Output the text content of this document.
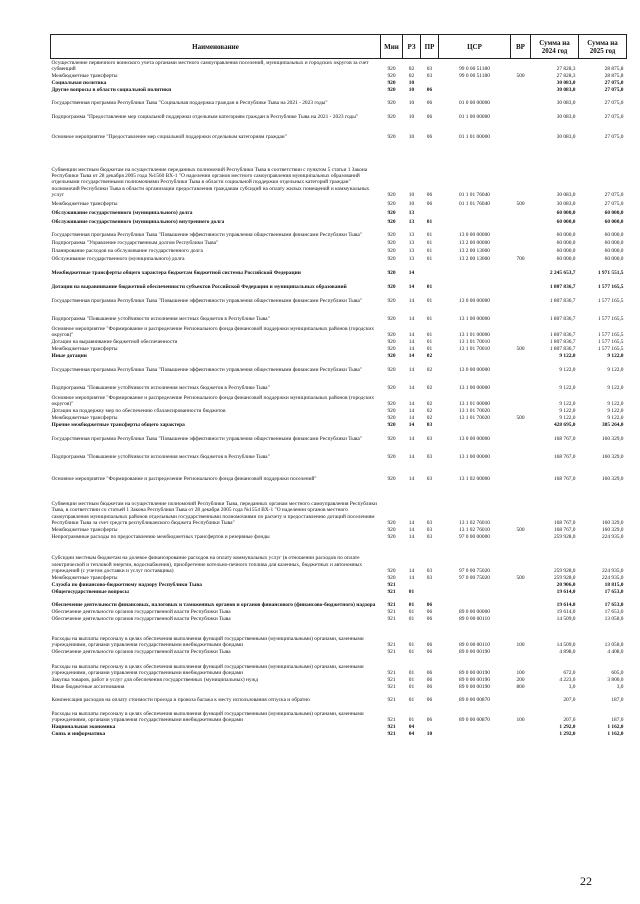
Наименование	Мин	РЗ	ПР	ЦСР	ВР	Сумма на 2024 год	Сумма на 2025 год
Осуществление первичного воинского учета органами местного самоуправления поселений, муниципальных и городских округов за счет субвенций	920	02	03	99 0 00 51180		27 828,3	28 875,8
Межбюджетные трансферты	920	02	03	99 0 00 51180	500	27 828,3	28 875,8
Социальная политика	920	10				30 083,0	27 075,0
Другие вопросы в области социальной политики	920	10	06			30 083,0	27 075,0
Государственная программа Республики Тыва "Социальная поддержка граждан в Республике Тыва на 2021 - 2023 годы"	920	10	06	01 0 00 00000		30 083,0	27 075,0
Подпрограмма "Предоставление мер социальной поддержки отдельным категориям граждан в Республике Тыва на 2021 - 2023 годы"	920	10	06	01 1 00 00000		30 083,0	27 075,0
Основное мероприятие "Предоставление мер социальной поддержки отдельным категориям граждан"	920	10	06	01 1 01 00000		30 083,0	27 075,0
Субвенции местным бюджетам на осуществление переданных полномочий Республики Тыва в соответствии с пунктом 5 статьи 1 Закона Республики Тыва от 28 декабря 2005 года №1560 ВХ-1 "О наделении органов местного самоуправления муниципальных образований отдельными государственными полномочиями Республики Тыва в области социальной поддержки отдельных категорий граждан" полномочий Республики Тыва в области организации предоставления гражданам субсидий на оплату жилых помещений и коммунальных услуг	920	10	06	01 1 01 76040		30 083,0	27 075,0
Межбюджетные трансферты	920	10	06	01 1 01 76040	500	30 083,0	27 075,0
Обслуживание государственного (муниципального) долга	920	13				60 000,0	60 000,0
Обслуживание государственного (муниципального) внутреннего долга	920	13	01			60 000,0	60 000,0
Государственная программа Республики Тыва "Повышение эффективности управления общественными финансами Республики Тыва"	920	13	01	13 0 00 00000		60 000,0	60 000,0
Подпрограмма "Управление государственным долгом Республики Тыва"	920	13	01	13 2 00 00000		60 000,0	60 000,0
Планирование расходов на обслуживание государственного долга	920	13	01	13 2 00 13000		60 000,0	60 000,0
Обслуживание государственного (муниципального) долга	920	13	01	13 2 00 13000	700	60 000,0	60 000,0
Межбюджетные трансферты общего характера бюджетам бюджетной системы Российской Федерации	920	14				2 245 653,7	1 971 551,5
Дотации на выравнивание бюджетной обеспеченности субъектов Российской Федерации и муниципальных образований	920	14	01			1 807 836,7	1 577 165,5
Государственная программа Республики Тыва "Повышение эффективности управления общественными финансами Республики Тыва"	920	14	01	13 0 00 00000		1 807 836,7	1 577 165,5
Подпрограмма "Повышение устойчивости исполнения местных бюджетов в Республике Тыва"	920	14	01	13 1 00 00000		1 807 836,7	1 577 165,5
Основное мероприятие "Формирование и распределение Регионального фонда финансовой поддержки муниципальных районов (городских округов)"	920	14	01	13 1 01 00000		1 807 836,7	1 577 165,5
Дотации на выравнивание бюджетной обеспеченности	920	14	01	13 1 01 70010		1 807 836,7	1 577 165,5
Межбюджетные трансферты	920	14	01	13 1 01 70010	500	1 807 836,7	1 577 165,5
Иные дотации	920	14	02			9 122,0	9 122,0
Государственная программа Республики Тыва "Повышение эффективности управления общественными финансами Республики Тыва"	920	14	02	13 0 00 00000		9 122,0	9 122,0
Подпрограмма "Повышение устойчивости исполнения местных бюджетов в Республике Тыва"	920	14	02	13 1 00 00000		9 122,0	9 122,0
Основное мероприятие "Формирование и распределение Регионального фонда финансовой поддержки муниципальных районов (городских округов)"	920	14	02	13 1 01 00000		9 122,0	9 122,0
Дотации на поддержку мер по обеспечению сбалансированности бюджетов	920	14	02	13 1 01 70020		9 122,0	9 122,0
Межбюджетные трансферты	920	14	02	13 1 01 70020	500	9 122,0	9 122,0
Прочие межбюджетные трансферты общего характера	920	14	03			428 695,0	385 264,0
Государственная программа Республики Тыва "Повышение эффективности управления общественными финансами Республики Тыва"	920	14	03	13 0 00 00000		168 767,0	160 329,0
Подпрограмма "Повышение устойчивости исполнения местных бюджетов в Республике Тыва"	920	14	03	13 1 00 00000		168 767,0	160 329,0
Основное мероприятие "Формирование и распределение Регионального фонда финансовой поддержки поселений"	920	14	03	13 1 02 00000		168 767,0	160 329,0
Субвенции местным бюджетам на осуществление полномочий Республики Тыва, переданных органам местного самоуправления Республики Тыва, в соответствии со статьей 1 Закона Республики Тыва от 28 декабря 2005 года №1554 ВХ-1 "О наделении органов местного самоуправления муниципальных районов отдельными государственными полномочиями по расчету и предоставлению дотаций поселениям Республики Тыва за счет средств республиканского бюджета Республики Тыва"	920	14	03	13 1 02 76010		168 767,0	160 329,0
Межбюджетные трансферты	920	14	03	13 1 02 76010	500	168 767,0	160 329,0
Непрограммные расходы по предоставлению межбюджетных трансфертов и резервные фонды	920	14	03	97 0 00 00000		259 928,0	224 935,0
Субсидии местным бюджетам на долевое финансирование расходов на оплату коммунальных услуг (в отношении расходов по оплате электрической и тепловой энергии, водоснабжения), приобретение котельно-печного топлива для казенных, бюджетных и автономных учреждений (с учетом доставки и услуг поставщика)	920	14	03	97 0 00 75020		259 928,0	224 935,0
Межбюджетные трансферты	920	14	03	97 0 00 75020	500	259 928,0	224 935,0
Служба по финансово-бюджетному надзору Республики Тыва	921					20 906,0	18 815,0
Общегосударственные вопросы	921	01				19 614,0	17 653,0
Обеспечение деятельности финансовых, налоговых и таможенных органов и органов финансового (финансово-бюджетного) надзора	921	01	06			19 614,0	17 653,0
Обеспечение деятельности органов государственной власти Республики Тыва	921	01	06	89 0 00 00000		19 614,0	17 653,0
Обеспечение деятельности органов государственной власти Республики Тыва	921	01	06	89 0 00 00110		14 509,0	13 058,0
Расходы на выплаты персоналу в целях обеспечения выполнения функций государственными (муниципальными) органами, казенными учреждениями, органами управления государственными внебюджетными фондами	921	01	06	89 0 00 00110	100	14 509,0	13 058,0
Обеспечение деятельности органов государственной власти Республики Тыва	921	01	06	89 0 00 00190		4 898,0	4 408,0
Расходы на выплаты персоналу в целях обеспечения выполнения функций государственными (муниципальными) органами, казенными учреждениями, органами управления государственными внебюджетными фондами	921	01	06	89 0 00 00190	100	672,0	605,0
Закупка товаров, работ и услуг для обеспечения государственных (муниципальных) нужд	921	01	06	89 0 00 00190	200	4 223,0	3 800,0
Иные бюджетные ассигнования	921	01	06	89 0 00 00190	800	3,0	3,0
Компенсация расходов на оплату стоимости проезда и провоза багажа к месту использования отпуска и обратно	921	01	06	89 0 00 00870		207,0	187,0
Расходы на выплаты персоналу в целях обеспечения выполнения функций государственными (муниципальными) органами, казенными учреждениями, органами управления государственными внебюджетными фондами	921	01	06	89 0 00 00870	100	207,0	187,0
Национальная экономика	921	04				1 292,0	1 162,0
Связь и информатика	921	04	10			1 292,0	1 162,0
22
